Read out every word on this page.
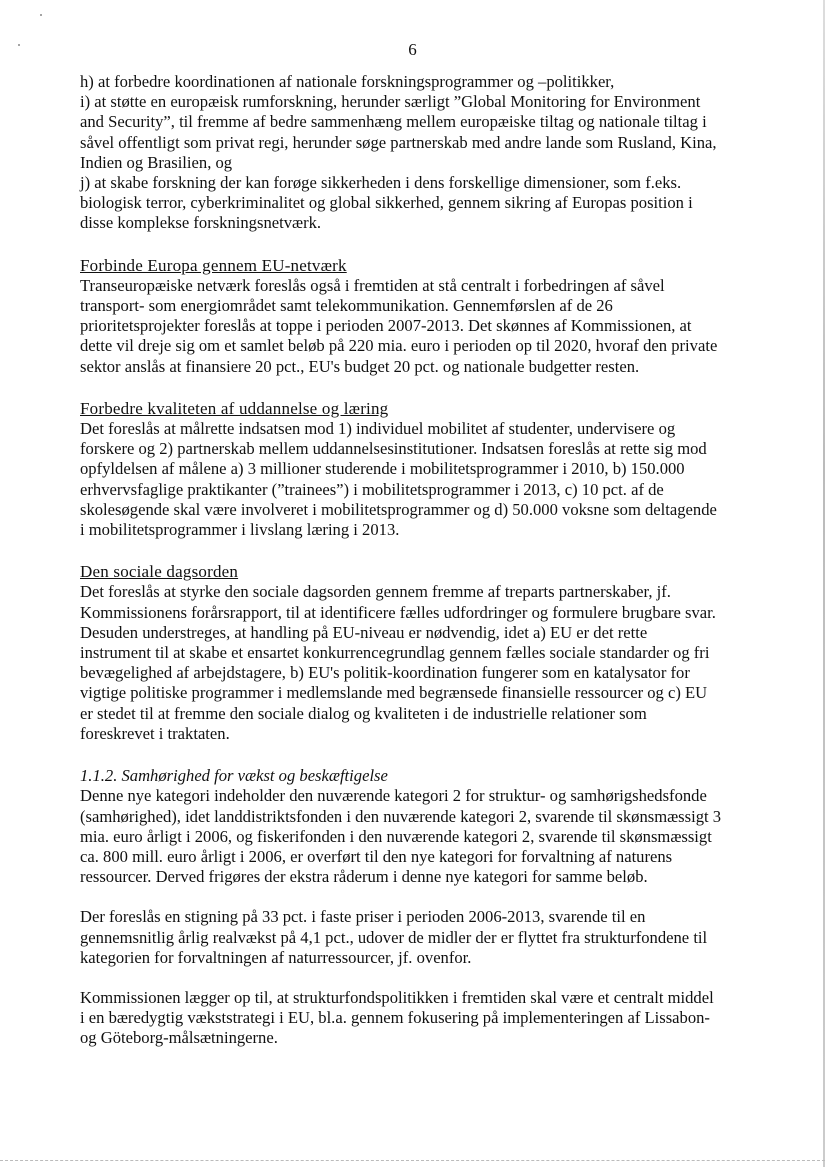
6
h) at forbedre koordinationen af nationale forskningsprogrammer og –politikker,
i) at støtte en europæisk rumforskning, herunder særligt ”Global Monitoring for Environment
and Security”, til fremme af bedre sammenhæng mellem europæiske tiltag og nationale tiltag i
såvel offentligt som privat regi, herunder søge partnerskab med andre lande som Rusland, Kina,
Indien og Brasilien, og
j) at skabe forskning der kan forøge sikkerheden i dens forskellige dimensioner, som f.eks.
biologisk terror, cyberkriminalitet og global sikkerhed, gennem sikring af Europas position i
disse komplekse forskningsnetværk.
Forbinde Europa gennem EU-netværk
Transeuropæiske netværk foreslås også i fremtiden at stå centralt i forbedringen af såvel
transport- som energiområdet samt telekommunikation. Gennemførslen af de 26
prioritetsprojekter foreslås at toppe i perioden 2007-2013. Det skønnes af Kommissionen, at
dette vil dreje sig om et samlet beløb på 220 mia. euro i perioden op til 2020, hvoraf den private
sektor anslås at finansiere 20 pct., EU's budget 20 pct. og nationale budgetter resten.
Forbedre kvaliteten af uddannelse og læring
Det foreslås at målrette indsatsen mod 1) individuel mobilitet af studenter, undervisere og
forskere og 2) partnerskab mellem uddannelsesinstitutioner. Indsatsen foreslås at rette sig mod
opfyldelsen af målene a) 3 millioner studerende i mobilitetsprogrammer i 2010, b) 150.000
erhvervsfaglige praktikanter (”trainees”) i mobilitetsprogrammer i 2013, c) 10 pct. af de
skolesøgende skal være involveret i mobilitetsprogrammer og d) 50.000 voksne som deltagende
i mobilitetsprogrammer i livslang læring i 2013.
Den sociale dagsorden
Det foreslås at styrke den sociale dagsorden gennem fremme af treparts partnerskaber, jf.
Kommissionens forårsrapport, til at identificere fælles udfordringer og formulere brugbare svar.
Desuden understreges, at handling på EU-niveau er nødvendig, idet a) EU er det rette
instrument til at skabe et ensartet konkurrencegrundlag gennem fælles sociale standarder og fri
bevægelighed af arbejdstagere, b) EU's politik-koordination fungerer som en katalysator for
vigtige politiske programmer i medlemslande med begrænsede finansielle ressourcer og c) EU
er stedet til at fremme den sociale dialog og kvaliteten i de industrielle relationer som
foreskrevet i traktaten.
1.1.2. Samhørighed for vækst og beskæftigelse
Denne nye kategori indeholder den nuværende kategori 2 for struktur- og samhørigshedsfonde
(samhørighed), idet landdistriktsfonden i den nuværende kategori 2, svarende til skønsmæssigt 3
mia. euro årligt i 2006, og fiskerifonden i den nuværende kategori 2, svarende til skønsmæssigt
ca. 800 mill. euro årligt i 2006, er overført til den nye kategori for forvaltning af naturens
ressourcer. Derved frigøres der ekstra råderum i denne nye kategori for samme beløb.
Der foreslås en stigning på 33 pct. i faste priser i perioden 2006-2013, svarende til en
gennemsnitlig årlig realvækst på 4,1 pct., udover de midler der er flyttet fra strukturfondene til
kategorien for forvaltningen af naturressourcer, jf. ovenfor.
Kommissionen lægger op til, at strukturfondspolitikken i fremtiden skal være et centralt middel
i en bæredygtig vækststrategi i EU, bl.a. gennem fokusering på implementeringen af Lissabon-
og Göteborg-målsætningerne.
